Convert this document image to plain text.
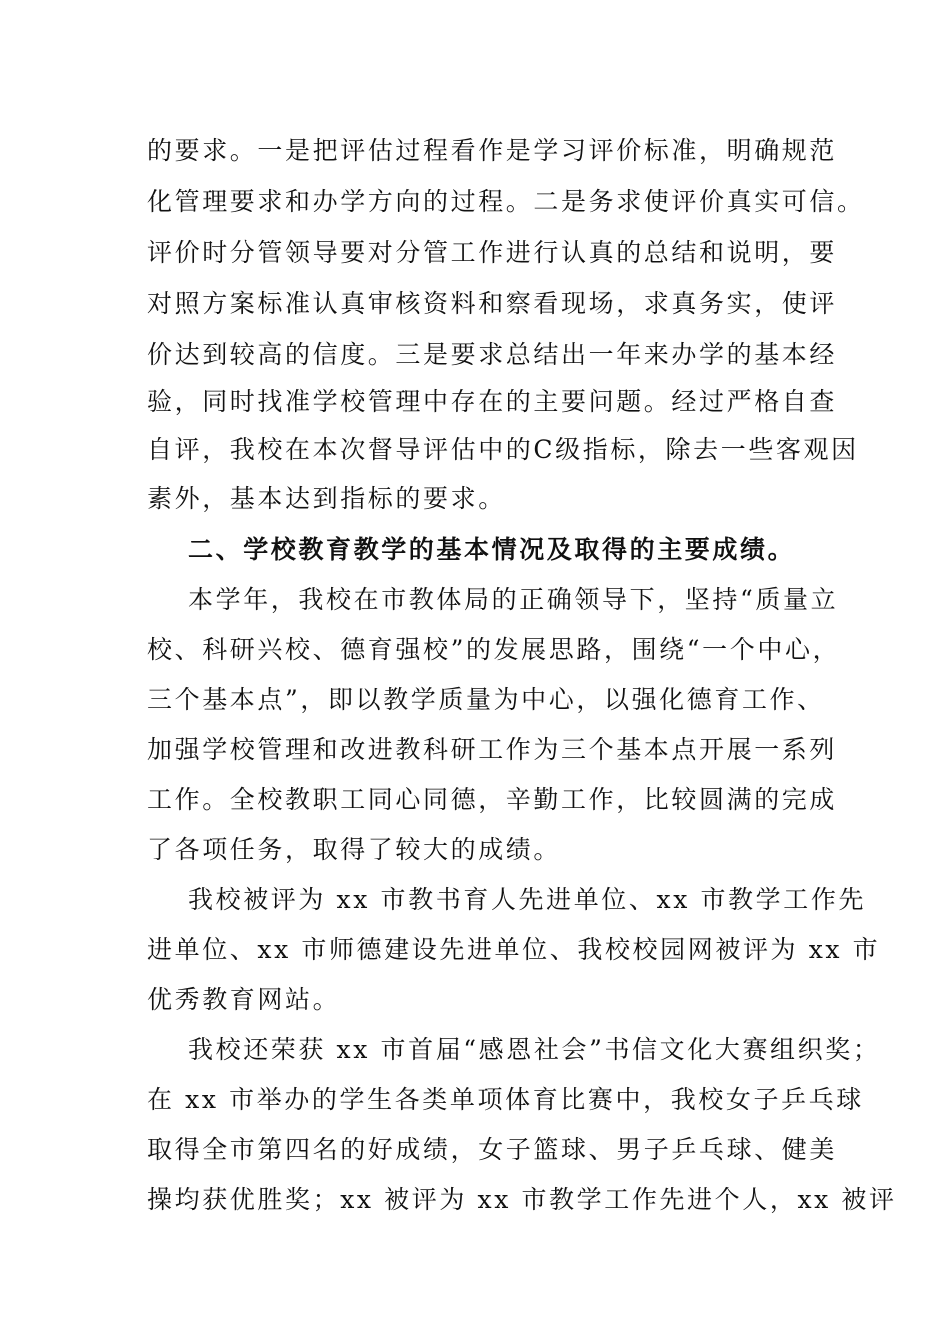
的要求。一是把评估过程看作是学习评价标准，明确规范
化管理要求和办学方向的过程。二是务求使评价真实可信。
评价时分管领导要对分管工作进行认真的总结和说明，要
对照方案标准认真审核资料和察看现场，求真务实，使评
价达到较高的信度。三是要求总结出一年来办学的基本经
验，同时找准学校管理中存在的主要问题。经过严格自查
自评，我校在本次督导评估中的C级指标，除去一些客观因
素外，基本达到指标的要求。
二、学校教育教学的基本情况及取得的主要成绩。
本学年，我校在市教体局的正确领导下，坚持“质量立
校、科研兴校、德育强校”的发展思路，围绕“一个中心，
三个基本点”，即以教学质量为中心，以强化德育工作、
加强学校管理和改进教科研工作为三个基本点开展一系列
工作。全校教职工同心同德，辛勤工作，比较圆满的完成
了各项任务，取得了较大的成绩。
我校被评为 xx 市教书育人先进单位、xx 市教学工作先
进单位、xx 市师德建设先进单位、我校校园网被评为 xx 市
优秀教育网站。
我校还荣获 xx 市首届“感恩社会”书信文化大赛组织奖；
在 xx 市举办的学生各类单项体育比赛中，我校女子乒乓球
取得全市第四名的好成绩，女子篮球、男子乒乓球、健美
操均获优胜奖；xx 被评为 xx 市教学工作先进个人，xx 被评
